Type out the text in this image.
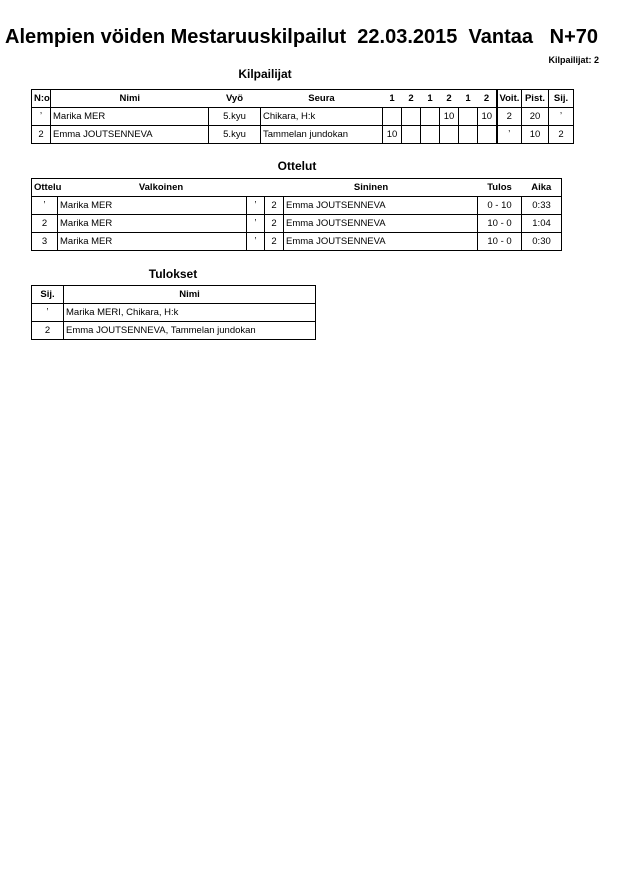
Alempien vöiden Mestaruuskilpailut  22.03.2015  Vantaa   N+70
Kilpailijat: 2
Kilpailijat
N:o	Nimi	Vyö	Seura	1	2	1	2	1	2	Voit.	Pist.	Sij.
ʼ	Marika MER	5.kyu	Chikara, H:k				10		10	2	20	ʼ
2	Emma JOUTSENNEVA	5.kyu	Tammelan jundokan	10						ʼ	10	2
Ottelut
Ottelu	Valkoinen		Sininen		Tulos	Aika
ʼ	Marika MER	ʼ	2	Emma JOUTSENNEVA	0 - 10	0:33
2	Marika MER	ʼ	2	Emma JOUTSENNEVA	10 - 0	1:04
3	Marika MER	ʼ	2	Emma JOUTSENNEVA	10 - 0	0:30
Tulokset
Sij.	Nimi
ʼ	Marika MERI, Chikara, H:k
2	Emma JOUTSENNEVA, Tammelan jundokan
